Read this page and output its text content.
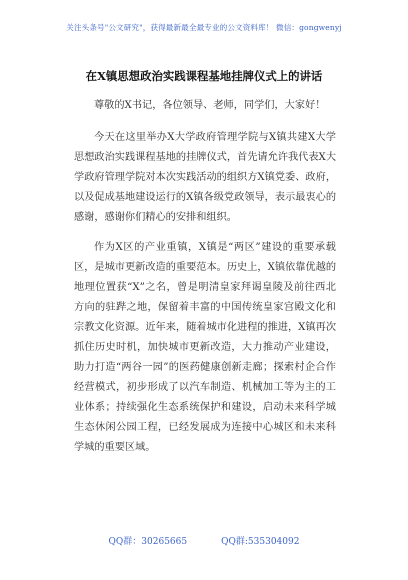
关注头条号"公文研究"，获得最新最全最专业的公文资料库！ 微信：gongwenyj
在X镇思想政治实践课程基地挂牌仪式上的讲话
尊敬的X书记，各位领导、老师，同学们，大家好！
今天在这里举办X大学政府管理学院与X镇共建X大学思想政治实践课程基地的挂牌仪式，首先请允许我代表X大学政府管理学院对本次实践活动的组织方X镇党委、政府，以及促成基地建设运行的X镇各级党政领导，表示最衷心的感谢，感谢你们精心的安排和组织。
作为X区的产业重镇，X镇是“两区”建设的重要承载区，是城市更新改造的重要范本。历史上，X镇依靠优越的地理位置获“X”之名，曾是明清皇家拜谒皇陵及前往西北方向的驻跸之地，保留着丰富的中国传统皇家宫殿文化和宗教文化资源。近年来，随着城市化进程的推进，X镇再次抓住历史时机，加快城市更新改造，大力推动产业建设，助力打造“两谷一园”的医药健康创新走廊；探索村企合作经营模式，初步形成了以汽车制造、机械加工等为主的工业体系；持续强化生态系统保护和建设，启动未来科学城生态休闲公园工程，已经发展成为连接中心城区和未来科学城的重要区域。
QQ群：30265665	QQ群:535304092
